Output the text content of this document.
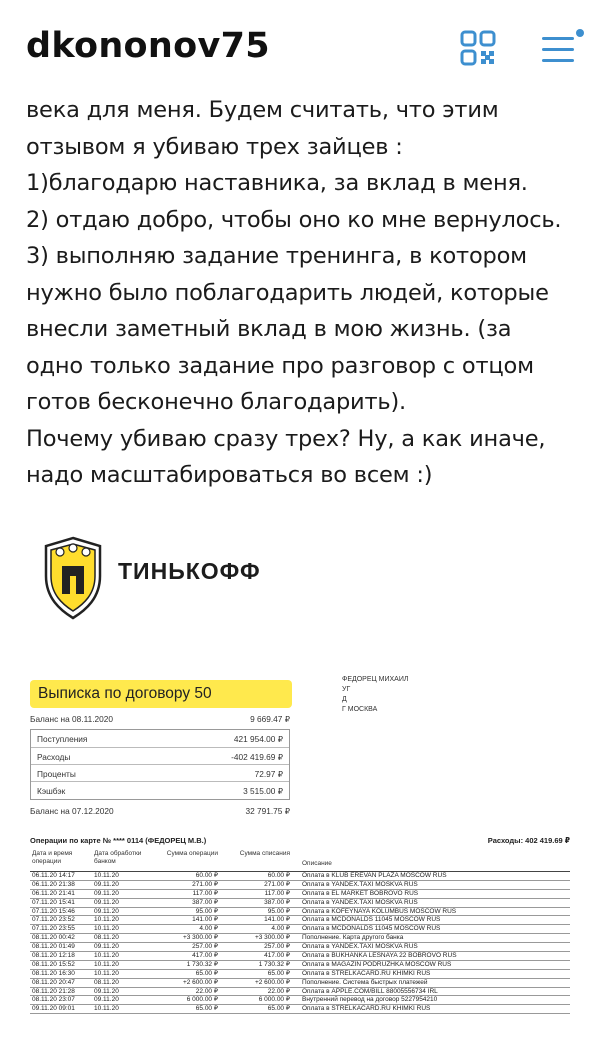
dkononov75

века для меня. Будем считать, что этим

отзывом я убиваю трех зайцев :

1)благодарю наставника, за вклад в меня.

2) отдаю добро, чтобы оно ко мне вернулось.

3) выполняю задание тренинга, в котором

нужно было поблагодарить людей, которые

внесли заметный вклад в мою жизнь. (за

одно только задание про разговор с отцом

готов бесконечно благодарить).

Почему убиваю сразу трех? Ну, а как иначе,

надо масштабироваться во всем :)

ТИНЬКОФФ
Выписка по договору 50
ФЕДОРЕЦ МИХАИЛ
УГ
Д
Г МОСКВА
Баланс на 08.11.2020	9 669.47 ₽
Поступления	421 954.00 ₽
Расходы	-402 419.69 ₽
Проценты	72.97 ₽
Кэшбэк	3 515.00 ₽
Баланс на 07.12.2020	32 791.75 ₽
Операции по карте № **** 0114 (ФЕДОРЕЦ М.В.)	Расходы: 402 419.69 ₽
Дата и время операции
Дата обработки банком
Сумма операции	Сумма списания
Описание
06.11.20 14:17	10.11.20	60.00 ₽	60.00 ₽ Оплата в KLUB EREVAN PLAZA MOSCOW RUS
06.11.20 21:38	09.11.20	271.00 ₽	271.00 ₽ Оплата в YANDEX.TAXI MOSKVA RUS
06.11.20 21:41	09.11.20	117.00 ₽	117.00 ₽ Оплата в EL MARKET BOBROVO RUS
07.11.20 15:41	09.11.20	387.00 ₽	387.00 ₽ Оплата в YANDEX.TAXI MOSKVA RUS
07.11.20 15:46	09.11.20	95.00 ₽	95.00 ₽ Оплата в KOFEYNAYA KOLUMBUS MOSCOW RUS
07.11.20 23:52	10.11.20	141.00 ₽	141.00 ₽ Оплата в MCDONALDS 11045 MOSCOW RUS
07.11.20 23:55	10.11.20	4.00 ₽	4.00 ₽ Оплата в MCDONALDS 11045 MOSCOW RUS
08.11.20 00:42	08.11.20	+3 300.00 ₽	+3 300.00 ₽ Пополнение. Карта другого банка
08.11.20 01:49	09.11.20	257.00 ₽	257.00 ₽ Оплата в YANDEX.TAXI MOSKVA RUS
08.11.20 12:18	10.11.20	417.00 ₽	417.00 ₽ Оплата в BUKHANKA LESNAYA 22 BOBROVO RUS
08.11.20 15:52	10.11.20	1 730.32 ₽	1 730.32 ₽ Оплата в MAGAZIN PODRUZHKA MOSCOW RUS
08.11.20 16:30	10.11.20	65.00 ₽	65.00 ₽ Оплата в STRELKACARD.RU KHIMKI RUS
08.11.20 20:47	08.11.20	+2 600.00 ₽	+2 600.00 ₽ Пополнение. Система быстрых платежей
08.11.20 21:28	09.11.20	22.00 ₽	22.00 ₽ Оплата в APPLE.COM/BILL 88005556734 IRL
08.11.20 23:07	09.11.20	6 000.00 ₽	6 000.00 ₽ Внутренний перевод на договор 5227954210
09.11.20 09:01	10.11.20	65.00 ₽	65.00 ₽ Оплата в STRELKACARD.RU KHIMKI RUS
